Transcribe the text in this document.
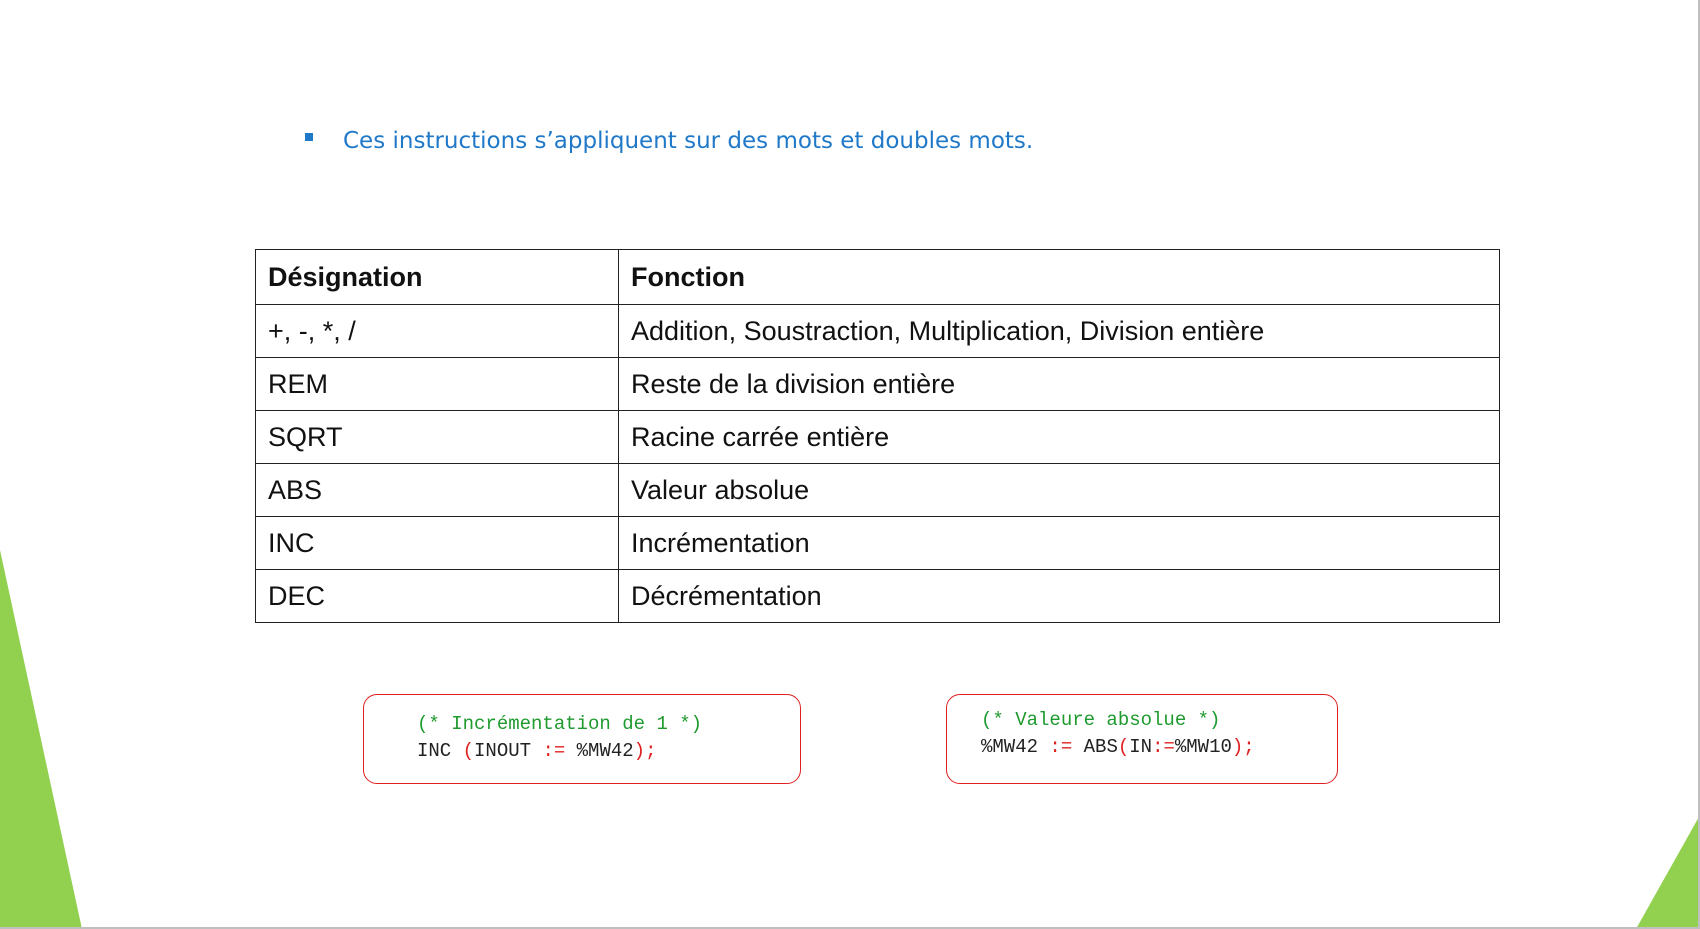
Ces instructions s’appliquent sur des mots et doubles mots.
Désignation	Fonction
+, -, *, /	Addition, Soustraction, Multiplication, Division entière
REM	Reste de la division entière
SQRT	Racine carrée entière
ABS	Valeur absolue
INC	Incrémentation
DEC	Décrémentation

(* Incrémentation de 1 *)
INC (INOUT := %MW42);

(* Valeure absolue *)
%MW42 := ABS(IN:=%MW10);
